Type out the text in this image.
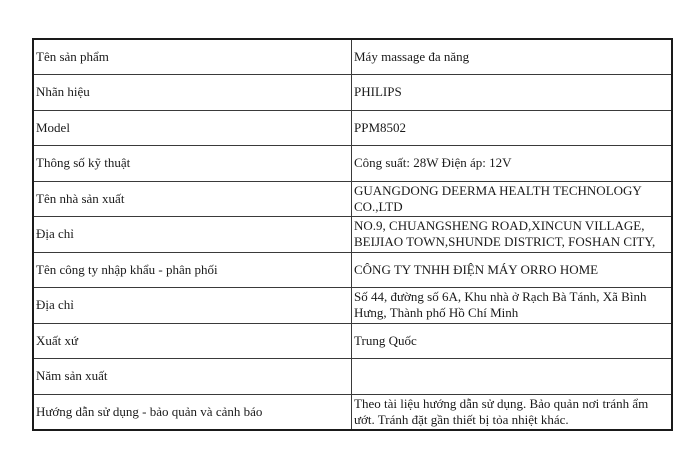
Tên sản phẩm	Máy massage đa năng
Nhãn hiệu	PHILIPS
Model	PPM8502
Thông số kỹ thuật	Công suất: 28W Điện áp: 12V
Tên nhà sản xuất	GUANGDONG DEERMA HEALTH TECHNOLOGY CO.,LTD
Địa chỉ	NO.9, CHUANGSHENG ROAD,XINCUN VILLAGE, BEIJIAO TOWN,SHUNDE DISTRICT, FOSHAN CITY,
Tên công ty nhập khẩu - phân phối	CÔNG TY TNHH ĐIỆN MÁY ORRO HOME
Địa chỉ	Số 44, đường số 6A, Khu nhà ở Rạch Bà Tánh, Xã Bình Hưng, Thành phố Hồ Chí Minh
Xuất xứ	Trung Quốc
Năm sản xuất	
Hướng dẫn sử dụng - bảo quản và cảnh báo	Theo tài liệu hướng dẫn sử dụng. Bảo quản nơi tránh ẩm ướt. Tránh đặt gần thiết bị tỏa nhiệt khác.
